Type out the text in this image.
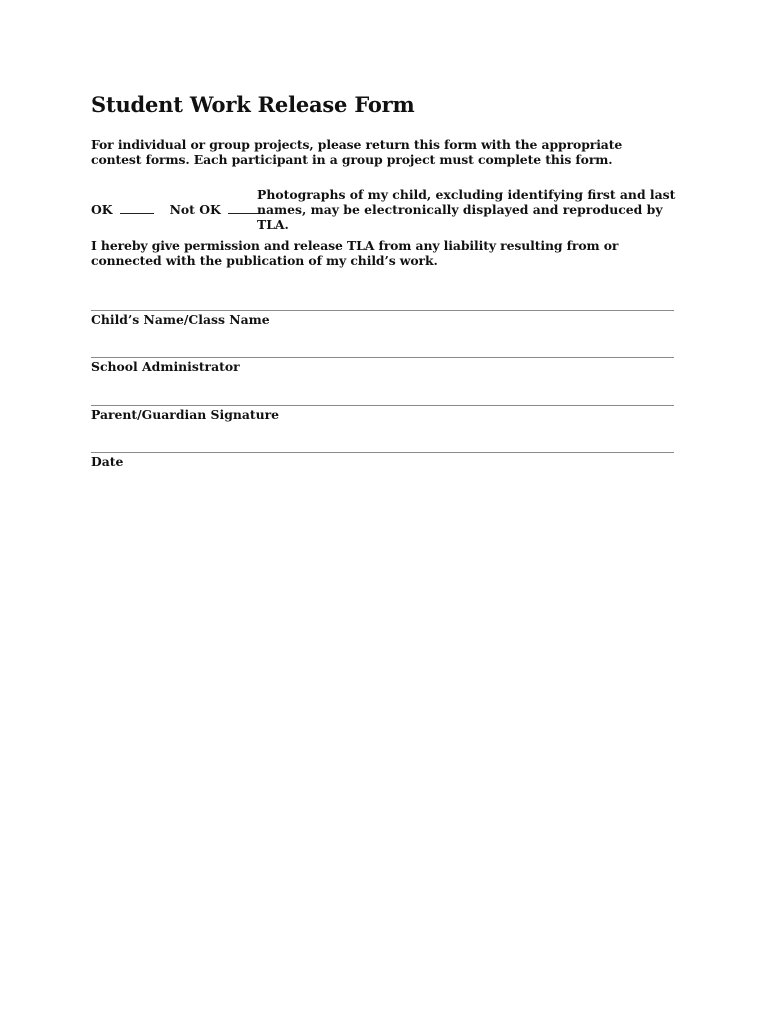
Student Work Release Form

For individual or group projects, please return this form with the appropriate contest forms. Each participant in a group project must complete this form.

OK	Not OK

Photographs of my child, excluding identifying first and last names, may be electronically displayed and reproduced by TLA.

I hereby give permission and release TLA from any liability resulting from or connected with the publication of my child’s work.

Child’s Name/Class Name
School Administrator
Parent/Guardian Signature
Date
